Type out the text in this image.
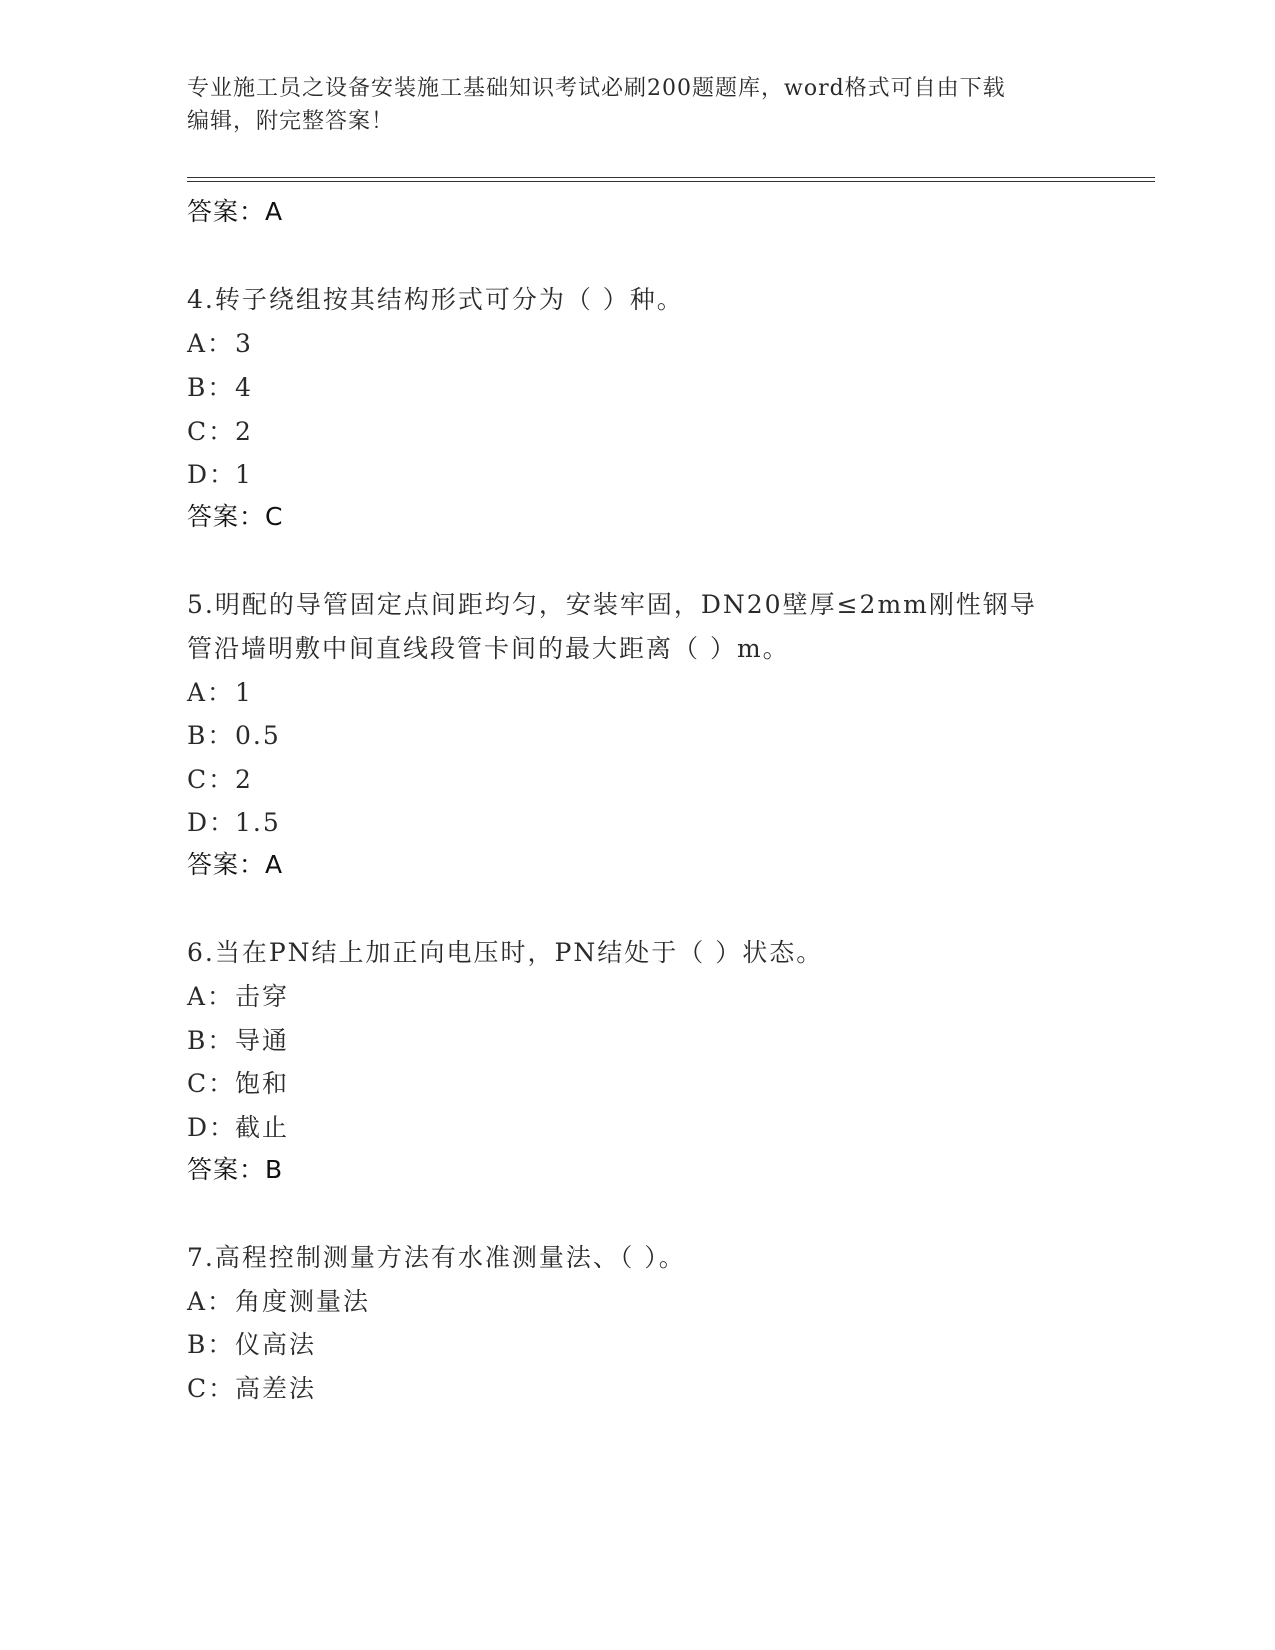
专业施工员之设备安装施工基础知识考试必刷200题题库，word格式可自由下载
编辑，附完整答案！
答案：A
4.转子绕组按其结构形式可分为（ ）种。
A：3
B：4
C：2
D：1
答案：C
5.明配的导管固定点间距均匀，安装牢固，DN20壁厚≤2mm刚性钢导
管沿墙明敷中间直线段管卡间的最大距离（ ）m。
A：1
B：0.5
C：2
D：1.5
答案：A
6.当在PN结上加正向电压时，PN结处于（ ）状态。
A：击穿
B：导通
C：饱和
D：截止
答案：B
7.高程控制测量方法有水准测量法、（ ）。
A：角度测量法
B：仪高法
C：高差法
